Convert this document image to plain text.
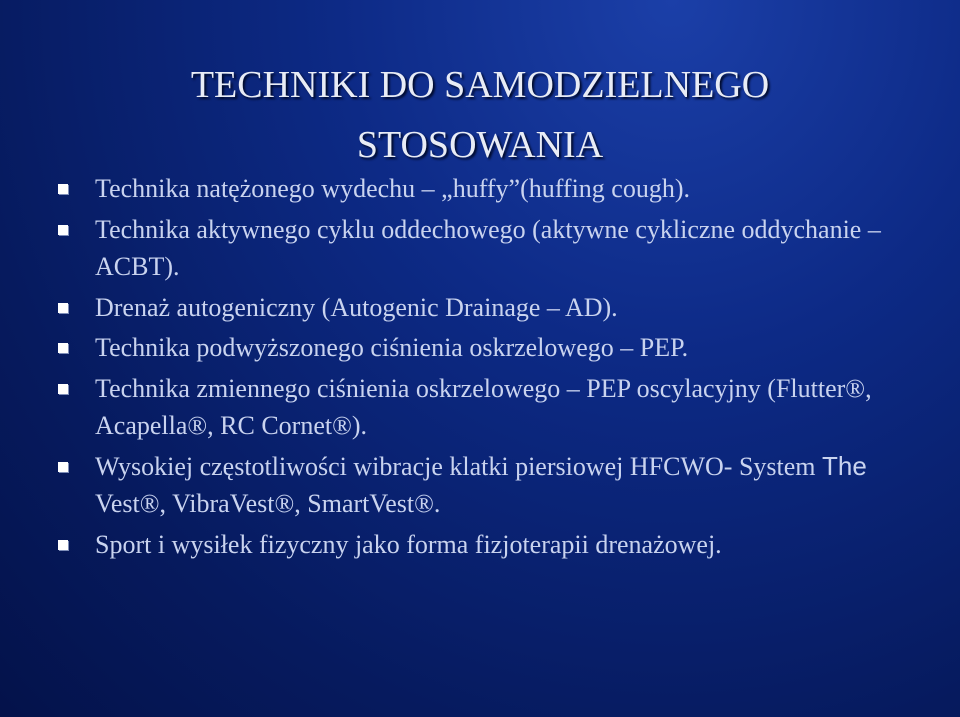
TECHNIKI DO SAMODZIELNEGO
STOSOWANIA
Technika natężonego wydechu – „huffy”(huffing cough).
Technika aktywnego cyklu oddechowego (aktywne cykliczne oddychanie – ACBT).
Drenaż autogeniczny (Autogenic Drainage – AD).
Technika podwyższonego ciśnienia oskrzelowego – PEP.
Technika zmiennego ciśnienia oskrzelowego – PEP oscylacyjny (Flutter®, Acapella®, RC Cornet®).
Wysokiej częstotliwości wibracje klatki piersiowej HFCWO- System The Vest®, VibraVest®, SmartVest®.
Sport i wysiłek fizyczny jako forma fizjoterapii drenażowej.
